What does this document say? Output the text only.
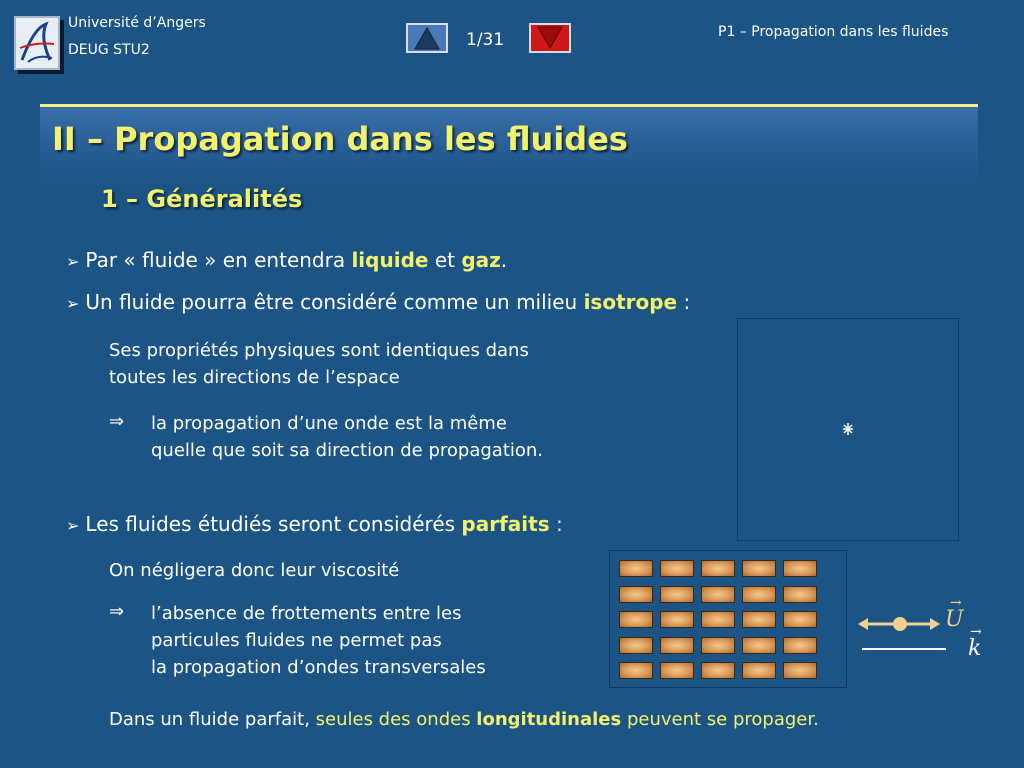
Université d’Angers
DEUG STU2	1/31	P1 – Propagation dans les fluides
II – Propagation dans les fluides
1 – Généralités
➢ Par « fluide » en entendra liquide et gaz.
➢ Un fluide pourra être considéré comme un milieu isotrope :
Ses propriétés physiques sont identiques dans
toutes les directions de l’espace
⇒ la propagation d’une onde est la même
quelle que soit sa direction de propagation.
➢ Les fluides étudiés seront considérés parfaits :
On négligera donc leur viscosité
⇒ l’absence de frottements entre les
particules fluides ne permet pas
la propagation d’ondes transversales
→
U →
k
Dans un fluide parfait, seules des ondes longitudinales peuvent se propager.
